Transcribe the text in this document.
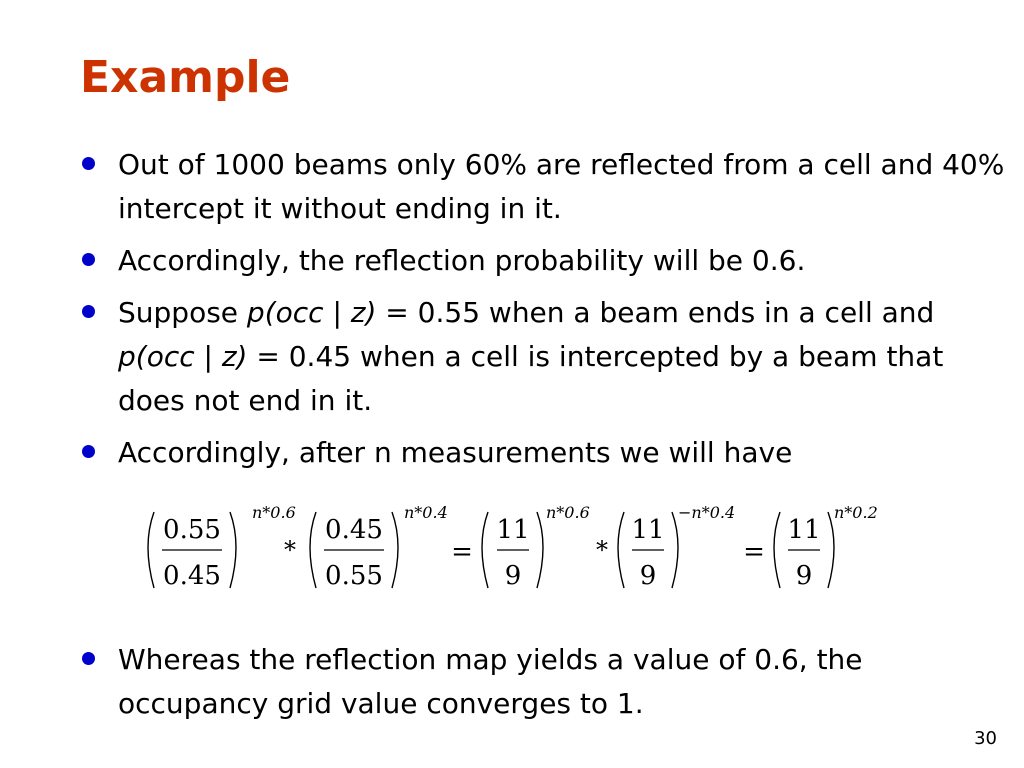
Example

Out of 1000 beams only 60% are reflected from a cell and 40% intercept it without ending in it.

Accordingly, the reflection probability will be 0.6.

Suppose p(occ | z) = 0.55 when a beam ends in a cell and p(occ | z) = 0.45 when a cell is intercepted by a beam that does not end in it.

Accordingly, after n measurements we will have

0.55
0.45
n*0.6
*
0.45
0.55
n*0.4
=
11
9
n*0.6
*
11
9
−n*0.4
=
11
9
n*0.2

Whereas the reflection map yields a value of 0.6, the occupancy grid value converges to 1.

30
